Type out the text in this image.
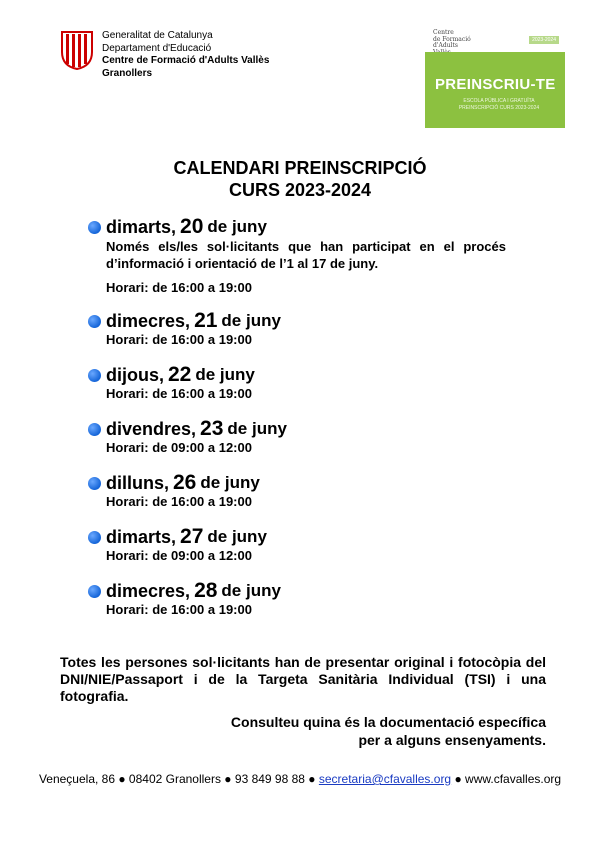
Generalitat de Catalunya
Departament d'Educació
Centre de Formació d'Adults Vallès
Granollers
Centre
de Formació
d'Adults
2023-2024
PREINSCRIU-TE
ESCOLA PÚBLICA I GRATUÏTA
PREINSCRIPCIÓ CURS 2023-2024
CALENDARI PREINSCRIPCIÓ
CURS 2023-2024
dimarts, 20 de juny
Només els/les sol·licitants que han participat en el procés d’informació i orientació de l’1 al 17 de juny.
Horari: de 16:00 a 19:00
dimecres, 21 de juny
Horari: de 16:00 a 19:00
dijous, 22 de juny
Horari: de 16:00 a 19:00
divendres, 23 de juny
Horari: de 09:00 a 12:00
dilluns, 26 de juny
Horari: de 16:00 a 19:00
dimarts, 27 de juny
Horari: de 09:00 a 12:00
dimecres, 28 de juny
Horari: de 16:00 a 19:00
Totes les persones sol·licitants han de presentar original i fotocòpia del DNI/NIE/Passaport i de la Targeta Sanitària Individual (TSI) i una fotografia.
Consulteu quina és la documentació específica
per a alguns ensenyaments.
Veneçuela, 86 ● 08402 Granollers ● 93 849 98 88 ● secretaria@cfavalles.org ● www.cfavalles.org
